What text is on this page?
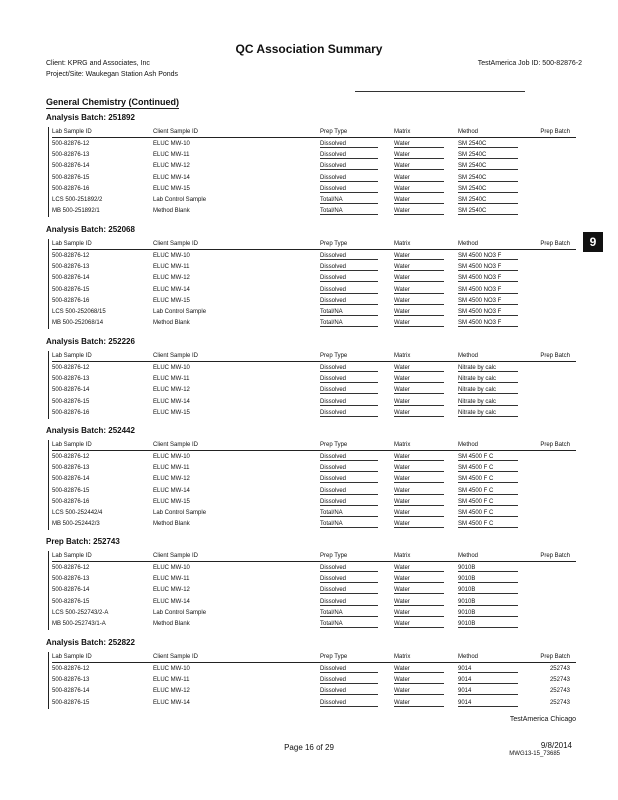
QC Association Summary
Client: KPRG and Associates, Inc	TestAmerica Job ID: 500-82876-2
Project/Site: Waukegan Station Ash Ponds
General Chemistry (Continued)
Analysis Batch: 251892
Lab Sample ID	Client Sample ID	Prep Type	Matrix	Method	Prep Batch
500-82876-12	ELUC MW-10	Dissolved	Water	SM 2540C
500-82876-13	ELUC MW-11	Dissolved	Water	SM 2540C
500-82876-14	ELUC MW-12	Dissolved	Water	SM 2540C
500-82876-15	ELUC MW-14	Dissolved	Water	SM 2540C
500-82876-16	ELUC MW-15	Dissolved	Water	SM 2540C
LCS 500-251892/2	Lab Control Sample	Total/NA	Water	SM 2540C
MB 500-251892/1	Method Blank	Total/NA	Water	SM 2540C
Analysis Batch: 252068
Lab Sample ID	Client Sample ID	Prep Type	Matrix	Method	Prep Batch
500-82876-12	ELUC MW-10	Dissolved	Water	SM 4500 NO3 F
500-82876-13	ELUC MW-11	Dissolved	Water	SM 4500 NO3 F
500-82876-14	ELUC MW-12	Dissolved	Water	SM 4500 NO3 F
500-82876-15	ELUC MW-14	Dissolved	Water	SM 4500 NO3 F
500-82876-16	ELUC MW-15	Dissolved	Water	SM 4500 NO3 F
LCS 500-252068/15	Lab Control Sample	Total/NA	Water	SM 4500 NO3 F
MB 500-252068/14	Method Blank	Total/NA	Water	SM 4500 NO3 F
Analysis Batch: 252226
Lab Sample ID	Client Sample ID	Prep Type	Matrix	Method	Prep Batch
500-82876-12	ELUC MW-10	Dissolved	Water	Nitrate by calc
500-82876-13	ELUC MW-11	Dissolved	Water	Nitrate by calc
500-82876-14	ELUC MW-12	Dissolved	Water	Nitrate by calc
500-82876-15	ELUC MW-14	Dissolved	Water	Nitrate by calc
500-82876-16	ELUC MW-15	Dissolved	Water	Nitrate by calc
Analysis Batch: 252442
Lab Sample ID	Client Sample ID	Prep Type	Matrix	Method	Prep Batch
500-82876-12	ELUC MW-10	Dissolved	Water	SM 4500 F C
500-82876-13	ELUC MW-11	Dissolved	Water	SM 4500 F C
500-82876-14	ELUC MW-12	Dissolved	Water	SM 4500 F C
500-82876-15	ELUC MW-14	Dissolved	Water	SM 4500 F C
500-82876-16	ELUC MW-15	Dissolved	Water	SM 4500 F C
LCS 500-252442/4	Lab Control Sample	Total/NA	Water	SM 4500 F C
MB 500-252442/3	Method Blank	Total/NA	Water	SM 4500 F C
Prep Batch: 252743
Lab Sample ID	Client Sample ID	Prep Type	Matrix	Method	Prep Batch
500-82876-12	ELUC MW-10	Dissolved	Water	9010B
500-82876-13	ELUC MW-11	Dissolved	Water	9010B
500-82876-14	ELUC MW-12	Dissolved	Water	9010B
500-82876-15	ELUC MW-14	Dissolved	Water	9010B
LCS 500-252743/2-A	Lab Control Sample	Total/NA	Water	9010B
MB 500-252743/1-A	Method Blank	Total/NA	Water	9010B
Analysis Batch: 252822
Lab Sample ID	Client Sample ID	Prep Type	Matrix	Method	Prep Batch
500-82876-12	ELUC MW-10	Dissolved	Water	9014	252743
500-82876-13	ELUC MW-11	Dissolved	Water	9014	252743
500-82876-14	ELUC MW-12	Dissolved	Water	9014	252743
500-82876-15	ELUC MW-14	Dissolved	Water	9014	252743
9
TestAmerica Chicago
Page 16 of 29	9/8/2014
MWG13-15_73685
